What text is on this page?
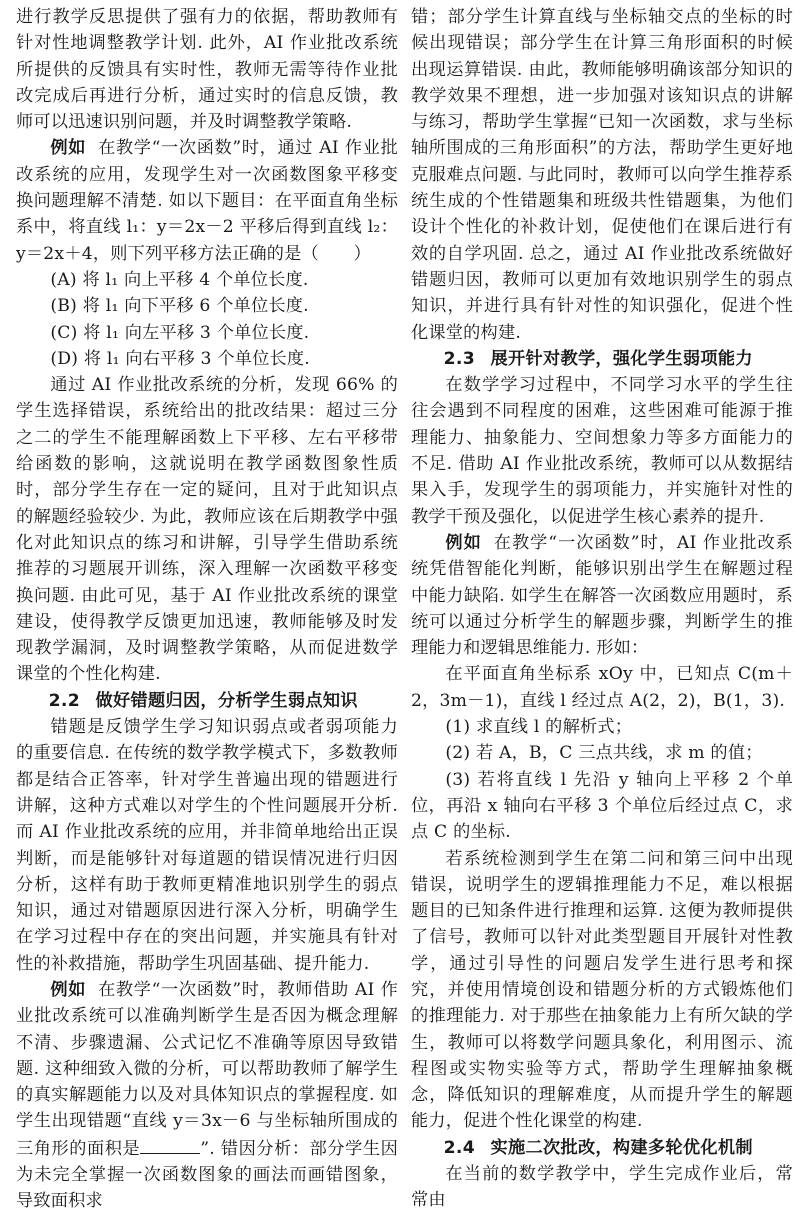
进行教学反思提供了强有力的依据，帮助教师有针对性地调整教学计划. 此外，AI 作业批改系统所提供的反馈具有实时性，教师无需等待作业批改完成后再进行分析，通过实时的信息反馈，教师可以迅速识别问题，并及时调整教学策略.

例如 在教学“一次函数”时，通过 AI 作业批改系统的应用，发现学生对一次函数图象平移变换问题理解不清楚. 如以下题目：在平面直角坐标系中，将直线 l₁：y＝2x－2 平移后得到直线 l₂：y＝2x＋4，则下列平移方法正确的是（　　）

(A) 将 l₁ 向上平移 4 个单位长度.

(B) 将 l₁ 向下平移 6 个单位长度.

(C) 将 l₁ 向左平移 3 个单位长度.

(D) 将 l₁ 向右平移 3 个单位长度.

通过 AI 作业批改系统的分析，发现 66% 的学生选择错误，系统给出的批改结果：超过三分之二的学生不能理解函数上下平移、左右平移带给函数的影响，这就说明在教学函数图象性质时，部分学生存在一定的疑问，且对于此知识点的解题经验较少. 为此，教师应该在后期教学中强化对此知识点的练习和讲解，引导学生借助系统推荐的习题展开训练，深入理解一次函数平移变换问题. 由此可见，基于 AI 作业批改系统的课堂建设，使得教学反馈更加迅速，教师能够及时发现教学漏洞，及时调整教学策略，从而促进数学课堂的个性化构建.

2.2 做好错题归因，分析学生弱点知识

错题是反馈学生学习知识弱点或者弱项能力的重要信息. 在传统的数学教学模式下，多数教师都是结合正答率，针对学生普遍出现的错题进行讲解，这种方式难以对学生的个性问题展开分析. 而 AI 作业批改系统的应用，并非简单地给出正误判断，而是能够针对每道题的错误情况进行归因分析，这样有助于教师更精准地识别学生的弱点知识，通过对错题原因进行深入分析，明确学生在学习过程中存在的突出问题，并实施具有针对性的补救措施，帮助学生巩固基础、提升能力.

例如 在教学“一次函数”时，教师借助 AI 作业批改系统可以准确判断学生是否因为概念理解不清、步骤遗漏、公式记忆不准确等原因导致错题. 这种细致入微的分析，可以帮助教师了解学生的真实解题能力以及对具体知识点的掌握程度. 如学生出现错题“直线 y＝3x－6 与坐标轴所围成的三角形的面积是	”. 错因分析：部分学生因为未完全掌握一次函数图象的画法而画错图象，导致面积求

错；部分学生计算直线与坐标轴交点的坐标的时候出现错误；部分学生在计算三角形面积的时候出现运算错误. 由此，教师能够明确该部分知识的教学效果不理想，进一步加强对该知识点的讲解与练习，帮助学生掌握“已知一次函数，求与坐标轴所围成的三角形面积”的方法，帮助学生更好地克服难点问题. 与此同时，教师可以向学生推荐系统生成的个性错题集和班级共性错题集，为他们设计个性化的补救计划，促使他们在课后进行有效的自学巩固. 总之，通过 AI 作业批改系统做好错题归因，教师可以更加有效地识别学生的弱点知识，并进行具有针对性的知识强化，促进个性化课堂的构建.

2.3 展开针对教学，强化学生弱项能力

在数学学习过程中，不同学习水平的学生往往会遇到不同程度的困难，这些困难可能源于推理能力、抽象能力、空间想象力等多方面能力的不足. 借助 AI 作业批改系统，教师可以从数据结果入手，发现学生的弱项能力，并实施针对性的教学干预及强化，以促进学生核心素养的提升.

例如 在教学“一次函数”时，AI 作业批改系统凭借智能化判断，能够识别出学生在解题过程中能力缺陷. 如学生在解答一次函数应用题时，系统可以通过分析学生的解题步骤，判断学生的推理能力和逻辑思维能力. 形如：

在平面直角坐标系 xOy 中，已知点 C(m＋2，3m－1)，直线 l 经过点 A(2，2)，B(1，3).

(1) 求直线 l 的解析式；

(2) 若 A，B，C 三点共线，求 m 的值；

(3) 若将直线 l 先沿 y 轴向上平移 2 个单位，再沿 x 轴向右平移 3 个单位后经过点 C，求点 C 的坐标.

若系统检测到学生在第二问和第三问中出现错误，说明学生的逻辑推理能力不足，难以根据题目的已知条件进行推理和运算. 这便为教师提供了信号，教师可以针对此类型题目开展针对性教学，通过引导性的问题启发学生进行思考和探究，并使用情境创设和错题分析的方式锻炼他们的推理能力. 对于那些在抽象能力上有所欠缺的学生，教师可以将数学问题具象化，利用图示、流程图或实物实验等方式，帮助学生理解抽象概念，降低知识的理解难度，从而提升学生的解题能力，促进个性化课堂的构建.

2.4 实施二次批改，构建多轮优化机制

在当前的数学教学中，学生完成作业后，常常由
